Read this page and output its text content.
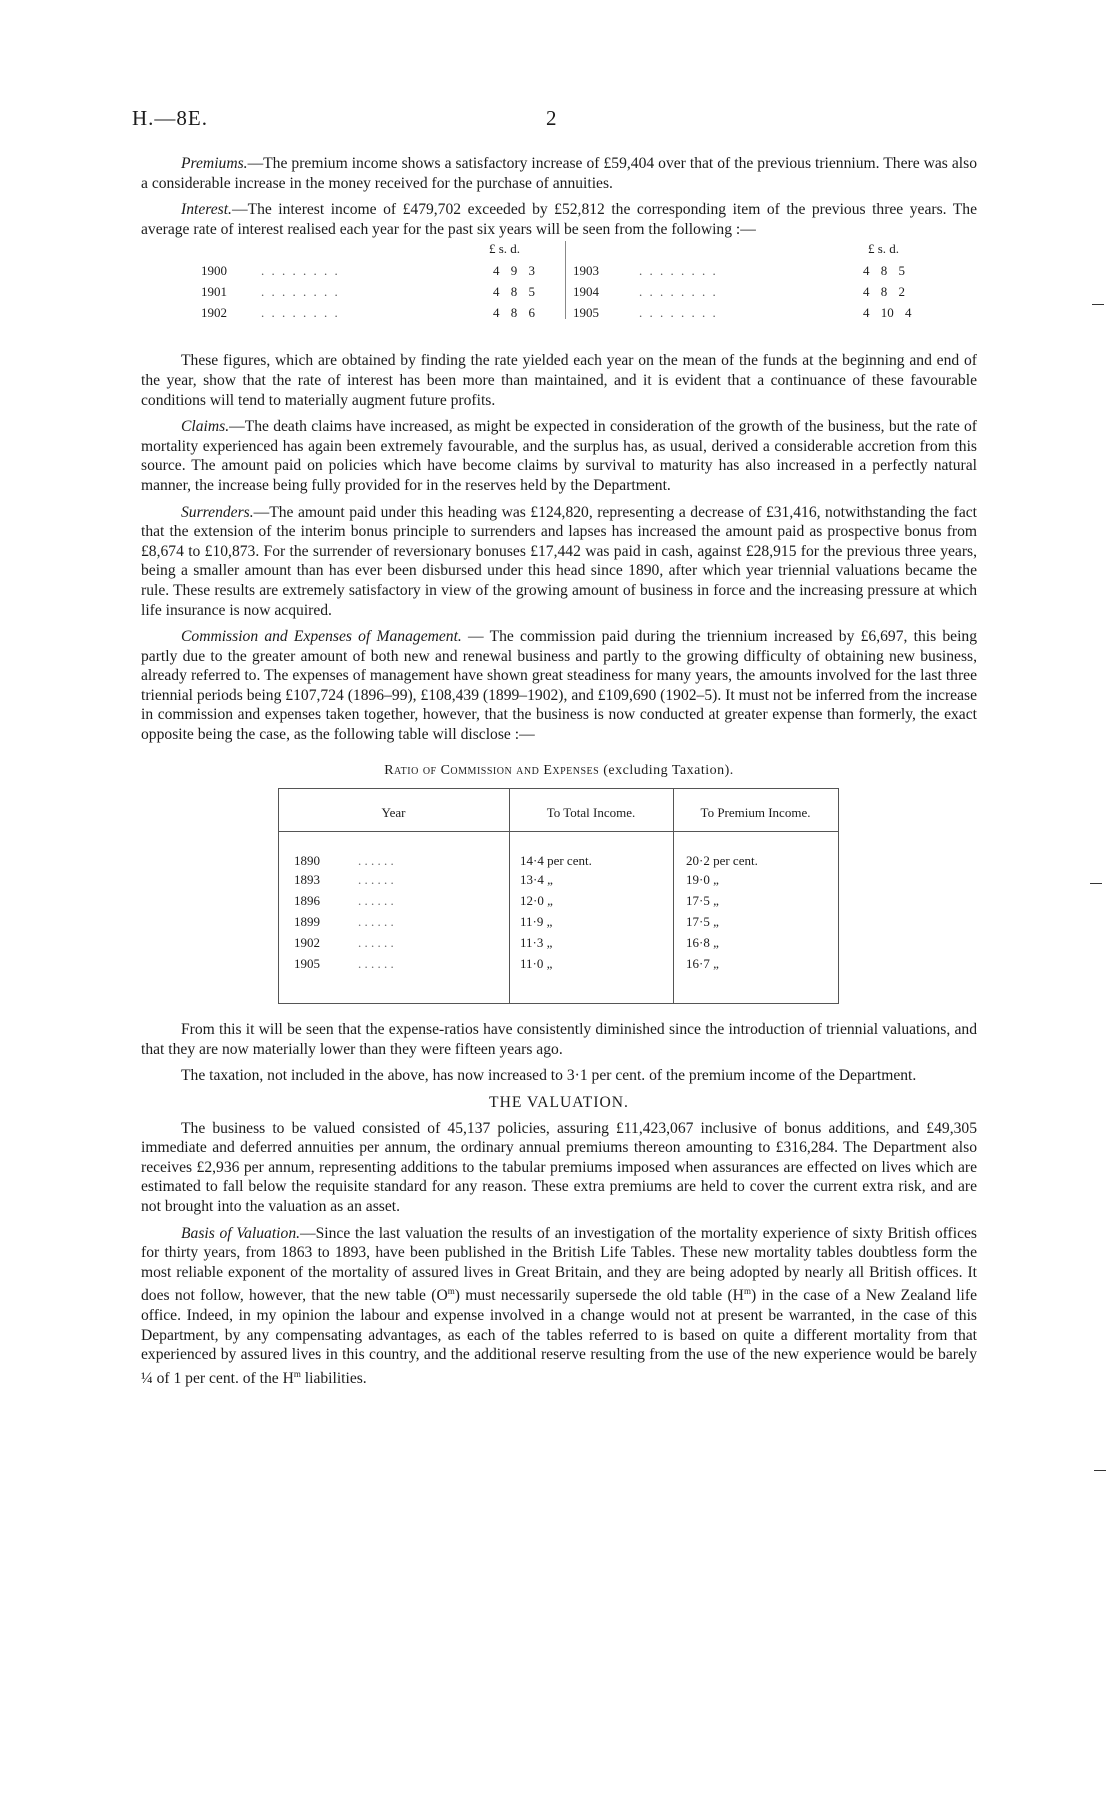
H.—8E.	2

Premiums.—The premium income shows a satisfactory increase of £59,404 over that of the previous triennium. There was also a considerable increase in the money received for the purchase of annuities.

Interest.—The interest income of £479,702 exceeded by £52,812 the corresponding item of the previous three years. The average rate of interest realised each year for the past six years will be seen from the following :—

£ s. d.	£ s. d.
1900	. . . . . . . .	4 9 3	1903	. . . . . . . .	4 8 5
1901	. . . . . . . .	4 8 5	1904	. . . . . . . .	4 8 2
1902	. . . . . . . .	4 8 6	1905	. . . . . . . .	4 10 4

These figures, which are obtained by finding the rate yielded each year on the mean of the funds at the beginning and end of the year, show that the rate of interest has been more than maintained, and it is evident that a continuance of these favourable conditions will tend to materially augment future profits.

Claims.—The death claims have increased, as might be expected in consideration of the growth of the business, but the rate of mortality experienced has again been extremely favourable, and the surplus has, as usual, derived a considerable accretion from this source. The amount paid on policies which have become claims by survival to maturity has also increased in a perfectly natural manner, the increase being fully provided for in the reserves held by the Department.

Surrenders.—The amount paid under this heading was £124,820, representing a decrease of £31,416, notwithstanding the fact that the extension of the interim bonus principle to surrenders and lapses has increased the amount paid as prospective bonus from £8,674 to £10,873. For the surrender of reversionary bonuses £17,442 was paid in cash, against £28,915 for the previous three years, being a smaller amount than has ever been disbursed under this head since 1890, after which year triennial valuations became the rule. These results are extremely satisfactory in view of the growing amount of business in force and the increasing pressure at which life insurance is now acquired.

Commission and Expenses of Management. — The commission paid during the triennium increased by £6,697, this being partly due to the greater amount of both new and renewal business and partly to the growing difficulty of obtaining new business, already referred to. The expenses of management have shown great steadiness for many years, the amounts involved for the last three triennial periods being £107,724 (1896–99), £108,439 (1899–1902), and £109,690 (1902–5). It must not be inferred from the increase in commission and expenses taken together, however, that the business is now conducted at greater expense than formerly, the exact opposite being the case, as the following table will disclose :—

Ratio of Commission and Expenses (excluding Taxation).
Year	To Total Income.	To Premium Income.
1890	. . . . . .	14·4 per cent.	20·2 per cent.
1893	. . . . . .	13·4 „	19·0 „
1896	. . . . . .	12·0 „	17·5 „
1899	. . . . . .	11·9 „	17·5 „
1902	. . . . . .	11·3 „	16·8 „
1905	. . . . . .	11·0 „	16·7 „

From this it will be seen that the expense-ratios have consistently diminished since the introduction of triennial valuations, and that they are now materially lower than they were fifteen years ago.

The taxation, not included in the above, has now increased to 3·1 per cent. of the premium income of the Department.

THE VALUATION.

The business to be valued consisted of 45,137 policies, assuring £11,423,067 inclusive of bonus additions, and £49,305 immediate and deferred annuities per annum, the ordinary annual premiums thereon amounting to £316,284. The Department also receives £2,936 per annum, representing additions to the tabular premiums imposed when assurances are effected on lives which are estimated to fall below the requisite standard for any reason. These extra premiums are held to cover the current extra risk, and are not brought into the valuation as an asset.

Basis of Valuation.—Since the last valuation the results of an investigation of the mortality experience of sixty British offices for thirty years, from 1863 to 1893, have been published in the British Life Tables. These new mortality tables doubtless form the most reliable exponent of the mortality of assured lives in Great Britain, and they are being adopted by nearly all British offices. It does not follow, however, that the new table $(O^m)$ must necessarily supersede the old table $(H^m)$ in the case of a New Zealand life office. Indeed, in my opinion the labour and expense involved in a change would not at present be warranted, in the case of this Department, by any compensating advantages, as each of the tables referred to is based on quite a different mortality from that experienced by assured lives in this country, and the additional reserve resulting from the use of the new experience would be barely ¼ of 1 per cent. of the $H^m$ liabilities.
